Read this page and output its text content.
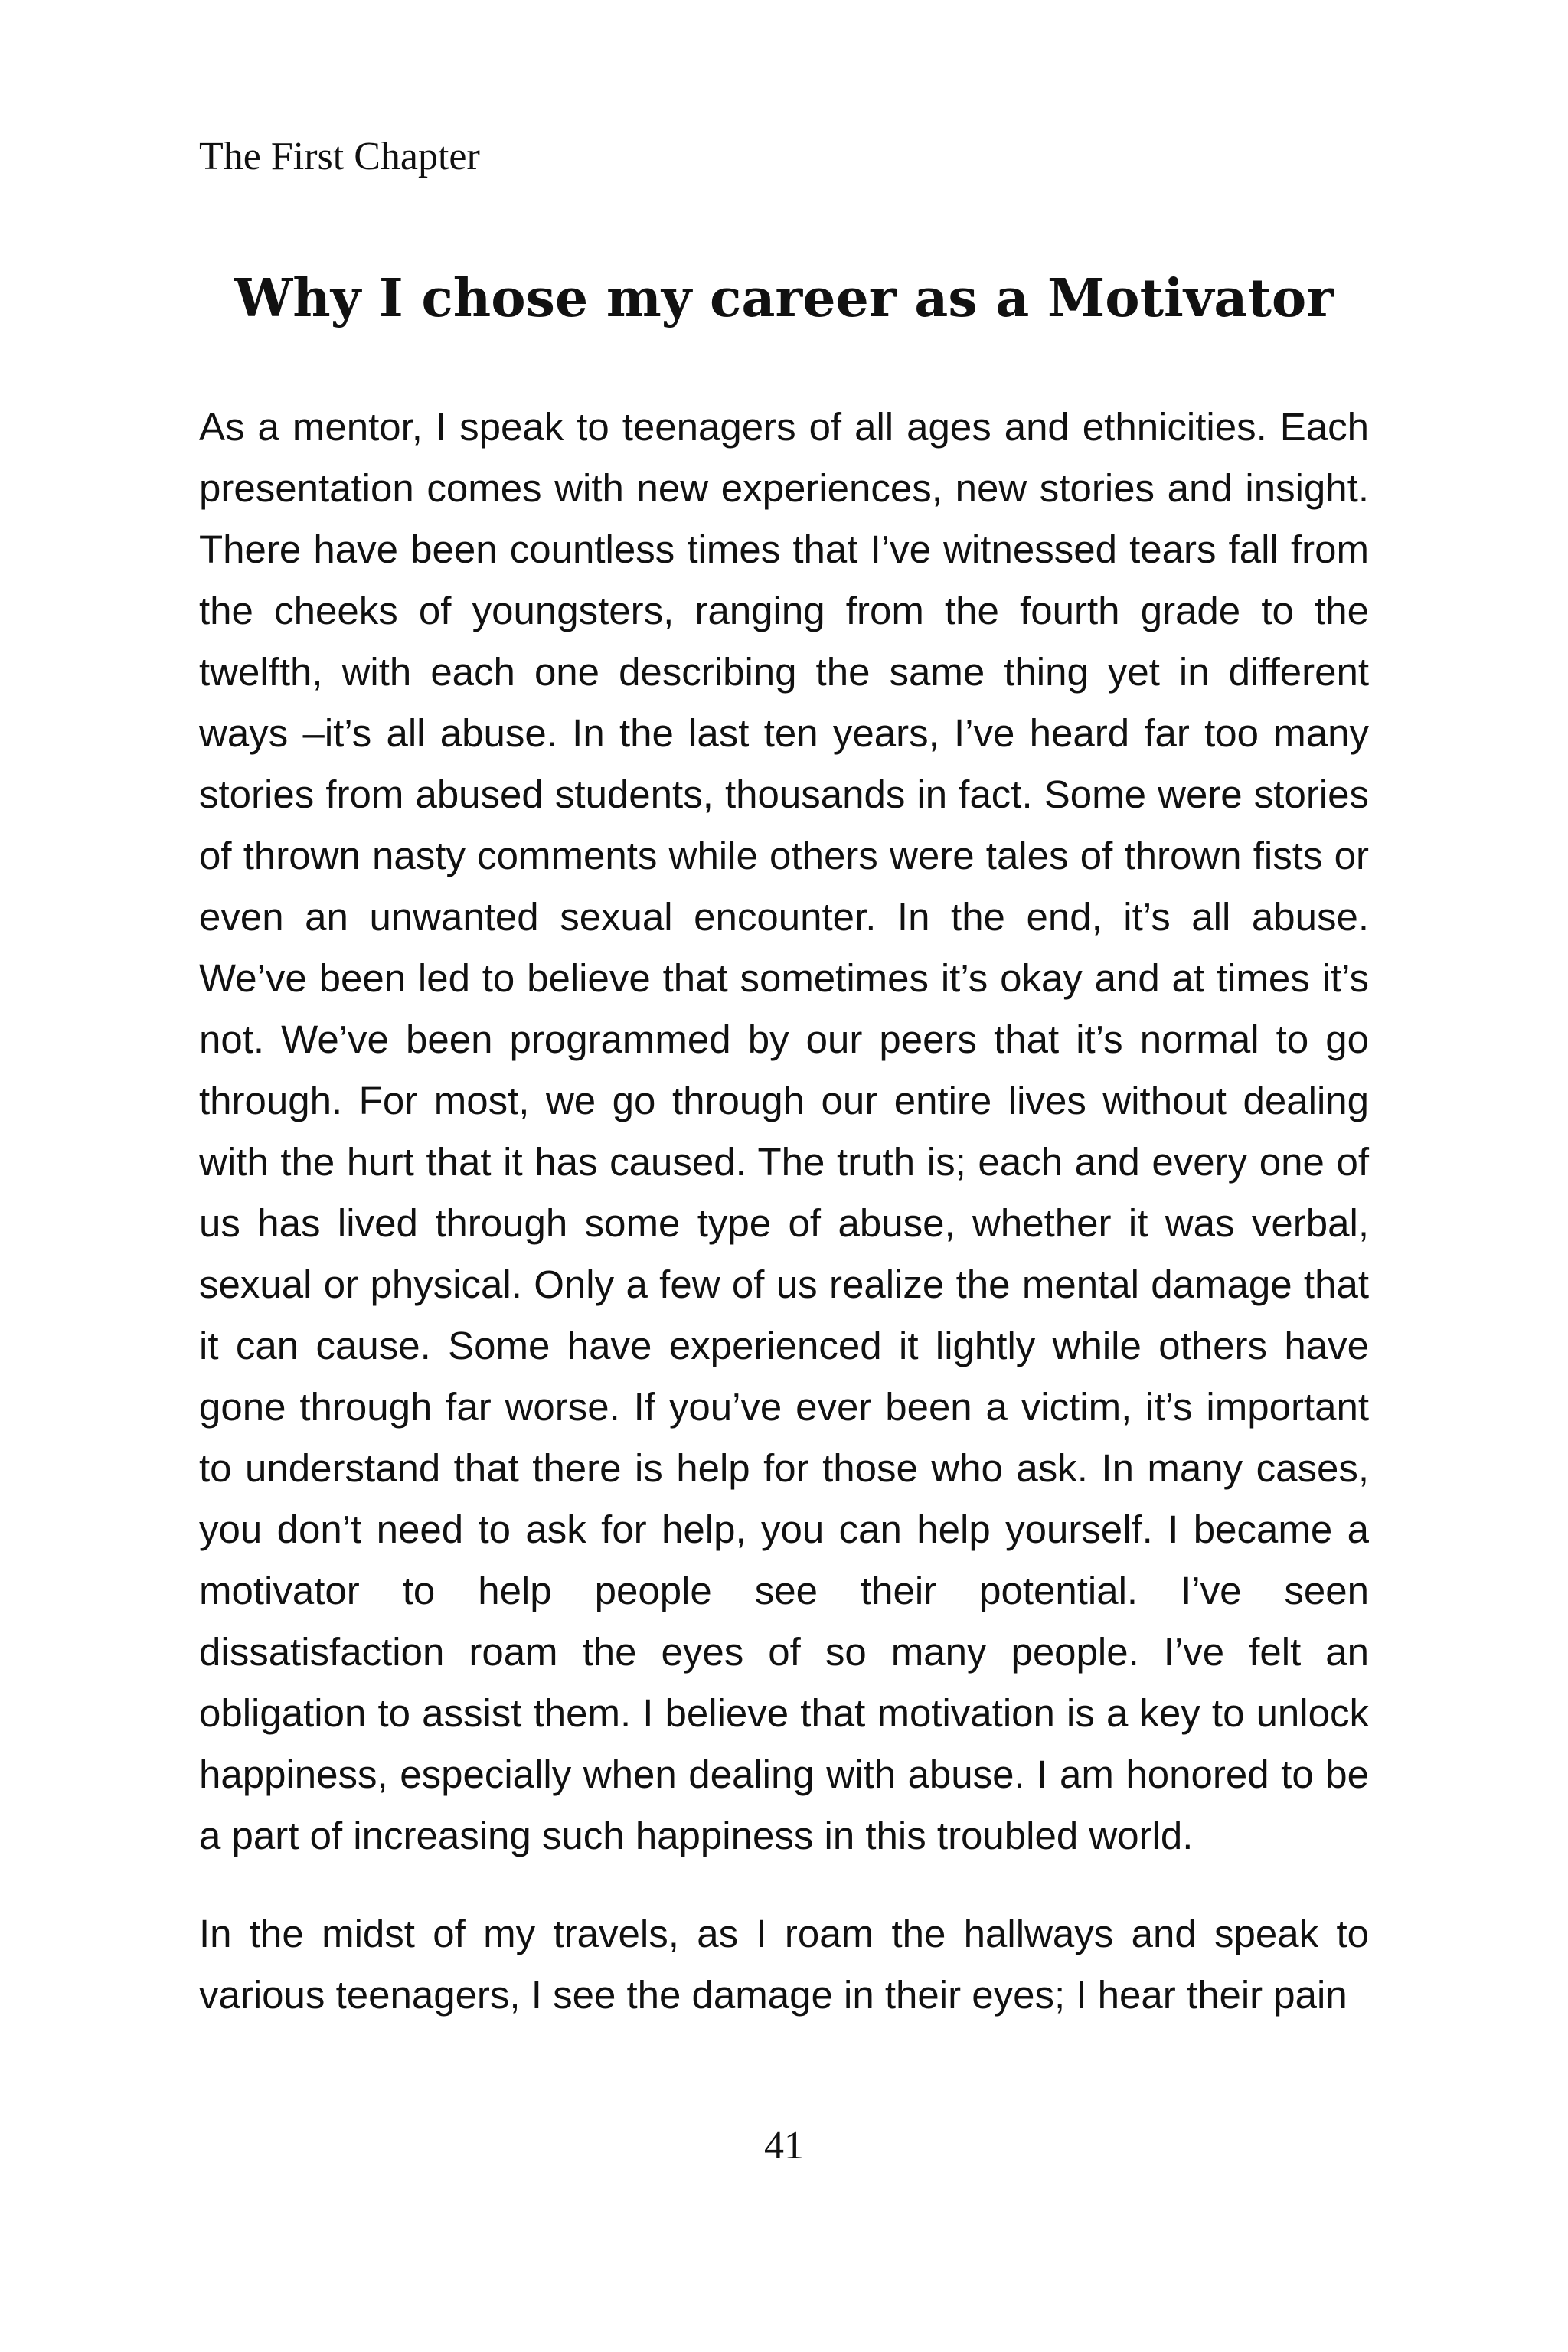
The First Chapter
Why I chose my career as a Motivator

As a mentor, I speak to teenagers of all ages and ethnicities. Each presentation comes with new experiences, new stories and insight. There have been countless times that I’ve witnessed tears fall from the cheeks of youngsters, ranging from the fourth grade to the twelfth, with each one describing the same thing yet in different ways –it’s all abuse. In the last ten years, I’ve heard far too many stories from abused students, thousands in fact. Some were stories of thrown nasty comments while others were tales of thrown fists or even an unwanted sexual encounter. In the end, it’s all abuse. We’ve been led to believe that sometimes it’s okay and at times it’s not. We’ve been programmed by our peers that it’s normal to go through. For most, we go through our entire lives without dealing with the hurt that it has caused. The truth is; each and every one of us has lived through some type of abuse, whether it was verbal, sexual or physical. Only a few of us realize the mental damage that it can cause. Some have experienced it lightly while others have gone through far worse. If you’ve ever been a victim, it’s important to understand that there is help for those who ask. In many cases, you don’t need to ask for help, you can help yourself. I became a motivator to help people see their potential. I’ve seen dissatisfaction roam the eyes of so many people. I’ve felt an obligation to assist them. I believe that motivation is a key to unlock happiness, especially when dealing with abuse. I am honored to be a part of increasing such happiness in this troubled world.

In the midst of my travels, as I roam the hallways and speak to various teenagers, I see the damage in their eyes; I hear their pain

41
